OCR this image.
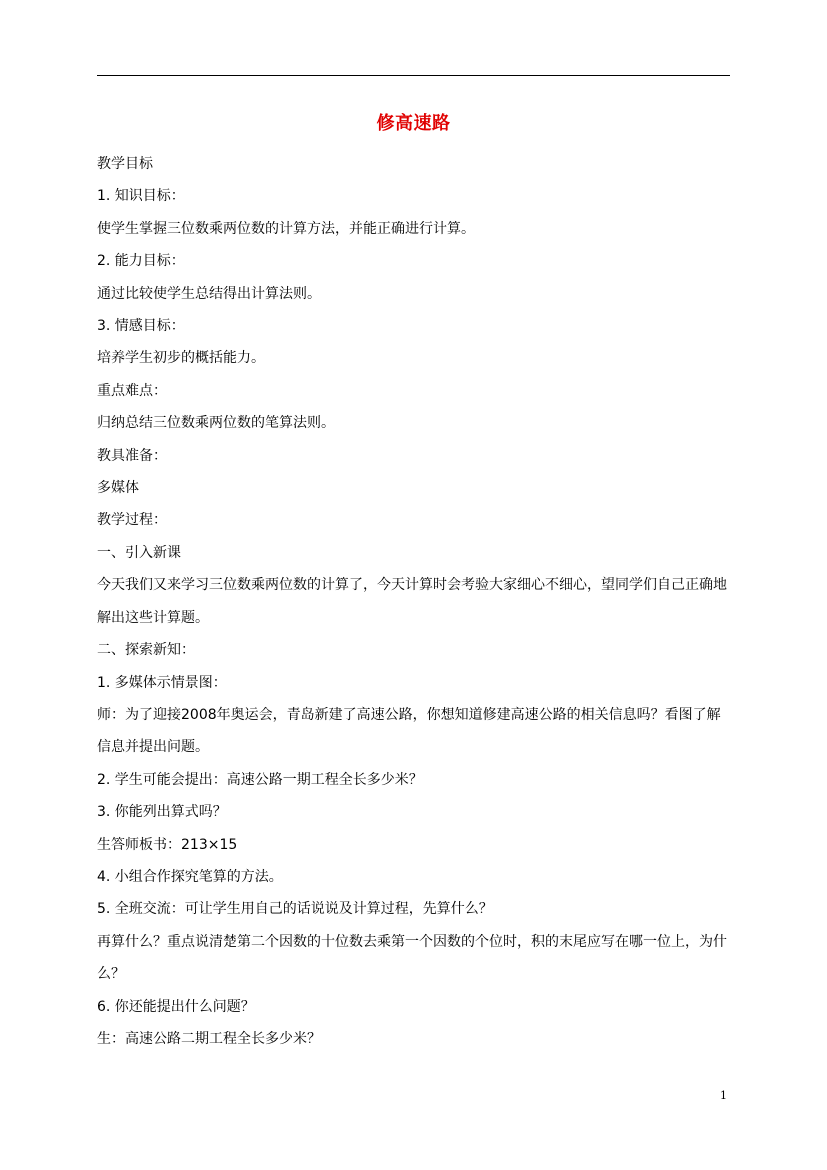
修高速路

教学目标

1. 知识目标：

使学生掌握三位数乘两位数的计算方法，并能正确进行计算。

2. 能力目标：

通过比较使学生总结得出计算法则。

3. 情感目标：

培养学生初步的概括能力。

重点难点：

归纳总结三位数乘两位数的笔算法则。

教具准备：

多媒体

教学过程：

一、引入新课

今天我们又来学习三位数乘两位数的计算了，今天计算时会考验大家细心不细心，望同学们自己正确地解出这些计算题。

二、探索新知：

1. 多媒体示情景图：

师：为了迎接2008年奥运会，青岛新建了高速公路，你想知道修建高速公路的相关信息吗？看图了解信息并提出问题。

2. 学生可能会提出：高速公路一期工程全长多少米？

3. 你能列出算式吗？

生答师板书：213×15

4. 小组合作探究笔算的方法。

5. 全班交流：可让学生用自己的话说说及计算过程，先算什么？

再算什么？重点说清楚第二个因数的十位数去乘第一个因数的个位时，积的末尾应写在哪一位上，为什么？

6. 你还能提出什么问题？

生：高速公路二期工程全长多少米？

1
